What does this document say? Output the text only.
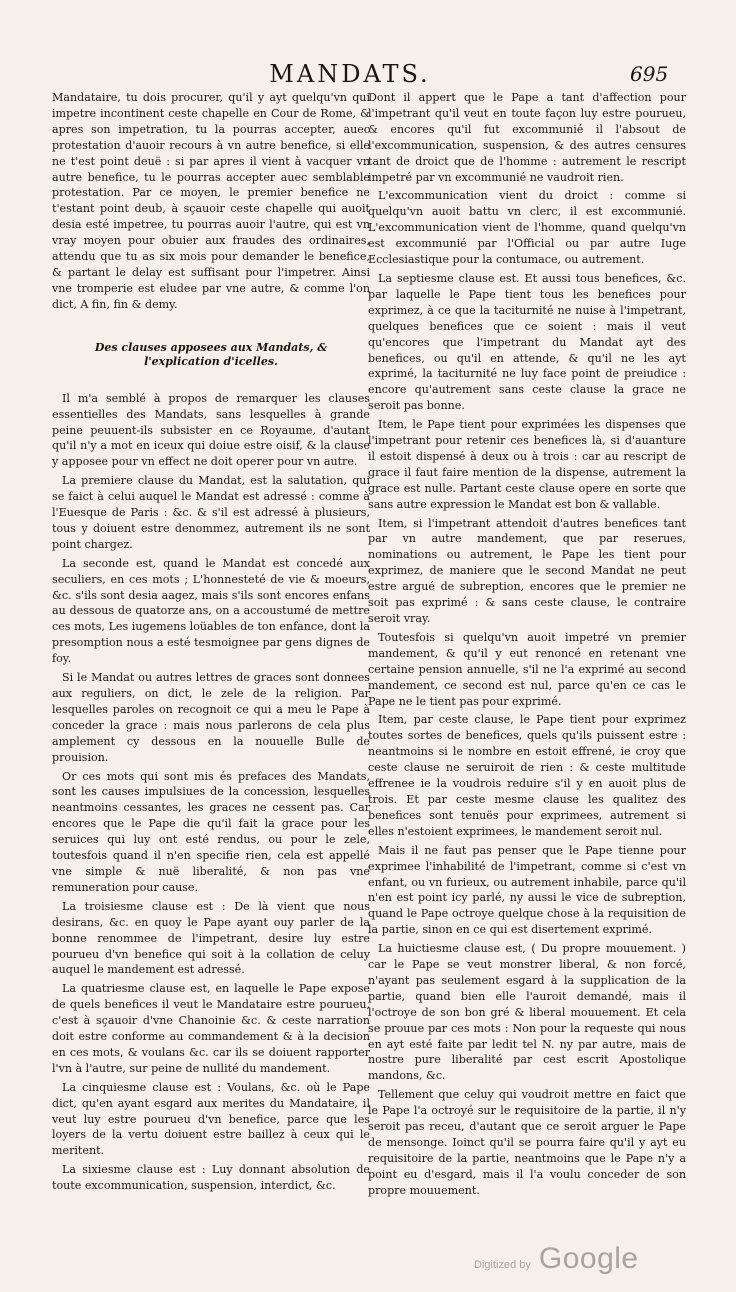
MANDATS.	695

Mandataire, tu dois procurer, qu'il y ayt quelqu'vn qui impetre incontinent ceste chapelle en Cour de Rome, & apres son impetration, tu la pourras accepter, auec protestation d'auoir recours à vn autre benefice, si elle ne t'est point deuë : si par apres il vient à vacquer vn autre benefice, tu le pourras accepter auec semblable protestation. Par ce moyen, le premier benefice ne t'estant point deub, à sçauoir ceste chapelle qui auoit desia esté impetree, tu pourras auoir l'autre, qui est vn vray moyen pour obuier aux fraudes des ordinaires, attendu que tu as six mois pour demander le benefice, & partant le delay est suffisant pour l'impetrer. Ainsi vne tromperie est eludee par vne autre, & comme l'on dict, A fin, fin & demy.

Des clauses apposees aux Mandats, & l'explication d'icelles.

Il m'a semblé à propos de remarquer les clauses essentielles des Mandats, sans lesquelles à grande peine peuuent-ils subsister en ce Royaume, d'autant qu'il n'y a mot en iceux qui doiue estre oisif, & la clause y apposee pour vn effect ne doit operer pour vn autre.

La premiere clause du Mandat, est la salutation, qui se faict à celui auquel le Mandat est adressé : comme à l'Euesque de Paris : &c. & s'il est adressé à plusieurs, tous y doiuent estre denommez, autrement ils ne sont point chargez.

La seconde est, quand le Mandat est concedé aux seculiers, en ces mots ; L'honnesteté de vie & moeurs, &c. s'ils sont desia aagez, mais s'ils sont encores enfans au dessous de quatorze ans, on a accoustumé de mettre ces mots, Les iugemens loüables de ton enfance, dont la presomption nous a esté tesmoignee par gens dignes de foy.

Si le Mandat ou autres lettres de graces sont donnees aux reguliers, on dict, le zele de la religion. Par lesquelles paroles on recognoit ce qui a meu le Pape à conceder la grace : mais nous parlerons de cela plus amplement cy dessous en la nouuelle Bulle de prouision.

Or ces mots qui sont mis és prefaces des Mandats, sont les causes impulsiues de la concession, lesquelles neantmoins cessantes, les graces ne cessent pas. Car encores que le Pape die qu'il fait la grace pour les seruices qui luy ont esté rendus, ou pour le zele, toutesfois quand il n'en specifie rien, cela est appellé vne simple & nuë liberalité, & non pas vne remuneration pour cause.

La troisiesme clause est : De là vient que nous desirans, &c. en quoy le Pape ayant ouy parler de la bonne renommee de l'impetrant, desire luy estre pourueu d'vn benefice qui soit à la collation de celuy auquel le mandement est adressé.

La quatriesme clause est, en laquelle le Pape expose de quels benefices il veut le Mandataire estre pourueu, c'est à sçauoir d'vne Chanoinie &c. & ceste narration doit estre conforme au commandement & à la decision en ces mots, & voulans &c. car ils se doiuent rapporter l'vn à l'autre, sur peine de nullité du mandement.

La cinquiesme clause est : Voulans, &c. où le Pape dict, qu'en ayant esgard aux merites du Mandataire, il veut luy estre pourueu d'vn benefice, parce que les loyers de la vertu doiuent estre baillez à ceux qui le meritent.

La sixiesme clause est : Luy donnant absolution de toute excommunication, suspension, interdict, &c.

Dont il appert que le Pape a tant d'affection pour l'impetrant qu'il veut en toute façon luy estre pourueu, & encores qu'il fut excommunié il l'absout de l'excommunication, suspension, & des autres censures tant de droict que de l'homme : autrement le rescript impetré par vn excommunié ne vaudroit rien.

L'excommunication vient du droict : comme si quelqu'vn auoit battu vn clerc, il est excommunié. L'excommunication vient de l'homme, quand quelqu'vn est excommunié par l'Official ou par autre Iuge Ecclesiastique pour la contumace, ou autrement.

La septiesme clause est. Et aussi tous benefices, &c. par laquelle le Pape tient tous les benefices pour exprimez, à ce que la taciturnité ne nuise à l'impetrant, quelques benefices que ce soient : mais il veut qu'encores que l'impetrant du Mandat ayt des benefices, ou qu'il en attende, & qu'il ne les ayt exprimé, la taciturnité ne luy face point de preiudice : encore qu'autrement sans ceste clause la grace ne seroit pas bonne.

Item, le Pape tient pour exprimées les dispenses que l'impetrant pour retenir ces benefices là, si d'auanture il estoit dispensé à deux ou à trois : car au rescript de grace il faut faire mention de la dispense, autrement la grace est nulle. Partant ceste clause opere en sorte que sans autre expression le Mandat est bon & vallable.

Item, si l'impetrant attendoit d'autres benefices tant par vn autre mandement, que par reserues, nominations ou autrement, le Pape les tient pour exprimez, de maniere que le second Mandat ne peut estre argué de subreption, encores que le premier ne soit pas exprimé : & sans ceste clause, le contraire seroit vray.

Toutesfois si quelqu'vn auoit impetré vn premier mandement, & qu'il y eut renoncé en retenant vne certaine pension annuelle, s'il ne l'a exprimé au second mandement, ce second est nul, parce qu'en ce cas le Pape ne le tient pas pour exprimé.

Item, par ceste clause, le Pape tient pour exprimez toutes sortes de benefices, quels qu'ils puissent estre : neantmoins si le nombre en estoit effrené, ie croy que ceste clause ne seruiroit de rien : & ceste multitude effrenee ie la voudrois reduire s'il y en auoit plus de trois. Et par ceste mesme clause les qualitez des benefices sont tenuës pour exprimees, autrement si elles n'estoient exprimees, le mandement seroit nul.

Mais il ne faut pas penser que le Pape tienne pour exprimee l'inhabilité de l'impetrant, comme si c'est vn enfant, ou vn furieux, ou autrement inhabile, parce qu'il n'en est point icy parlé, ny aussi le vice de subreption, quand le Pape octroye quelque chose à la requisition de la partie, sinon en ce qui est disertement exprimé.

La huictiesme clause est, ( Du propre mouuement. ) car le Pape se veut monstrer liberal, & non forcé, n'ayant pas seulement esgard à la supplication de la partie, quand bien elle l'auroit demandé, mais il l'octroye de son bon gré & liberal mouuement. Et cela se prouue par ces mots : Non pour la requeste qui nous en ayt esté faite par ledit tel N. ny par autre, mais de nostre pure liberalité par cest escrit Apostolique mandons, &c.

Tellement que celuy qui voudroit mettre en faict que le Pape l'a octroyé sur le requisitoire de la partie, il n'y seroit pas receu, d'autant que ce seroit arguer le Pape de mensonge. Ioinct qu'il se pourra faire qu'il y ayt eu requisitoire de la partie, neantmoins que le Pape n'y a point eu d'esgard, mais il l'a voulu conceder de son propre mouuement.

Digitized by Google
